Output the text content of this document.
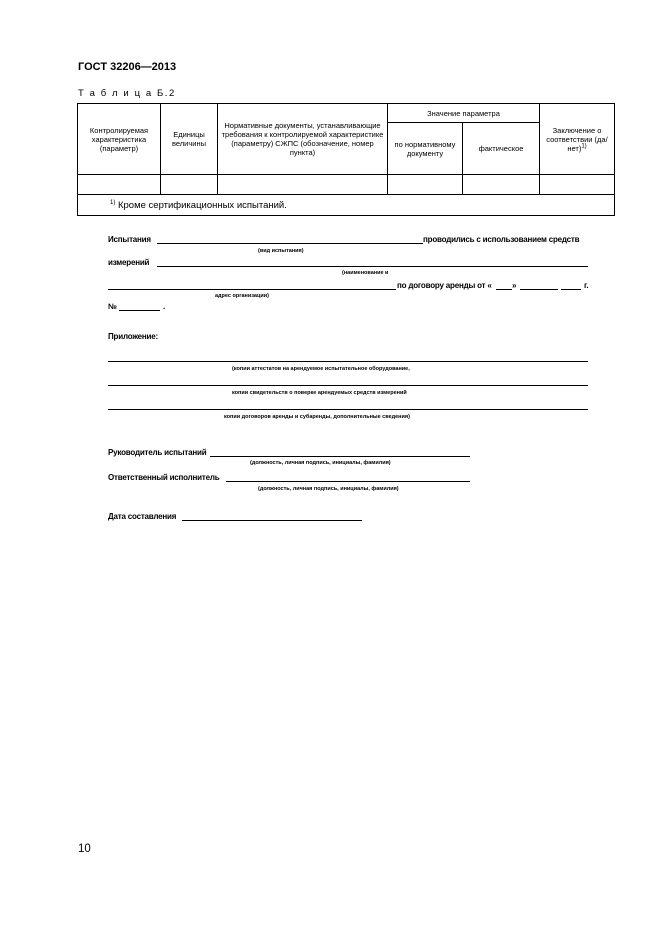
ГОСТ 32206—2013
Т а б л и ц а Б.2
Контролируемая характеристика (параметр)	Единицы величины	Нормативные документы, устанавливающие требования к контролируемой характеристике (параметру) СЖПС (обозначение, номер пункта)	Значение параметра		Заключение о соответствии $(да/нет)^{1)}$
			по нормативному документу	фактическое	

$^{1)}$ Кроме сертификационных испытаний.					
Испытания	проводились с использованием средств
(вид испытания)
измерений
(наименование и
по договору аренды от «	»	г.
адрес организации)
№	.
Приложение:
(копии аттестатов на арендуемое испытательное оборудование,
копии свидетельств о поверке арендуемых средств измерений
копии договоров аренды и субаренды, дополнительные сведения)
Руководитель испытаний
(должность, личная подпись, инициалы, фамилия)
Ответственный исполнитель
(должность, личная подпись, инициалы, фамилия)
Дата составления
10
